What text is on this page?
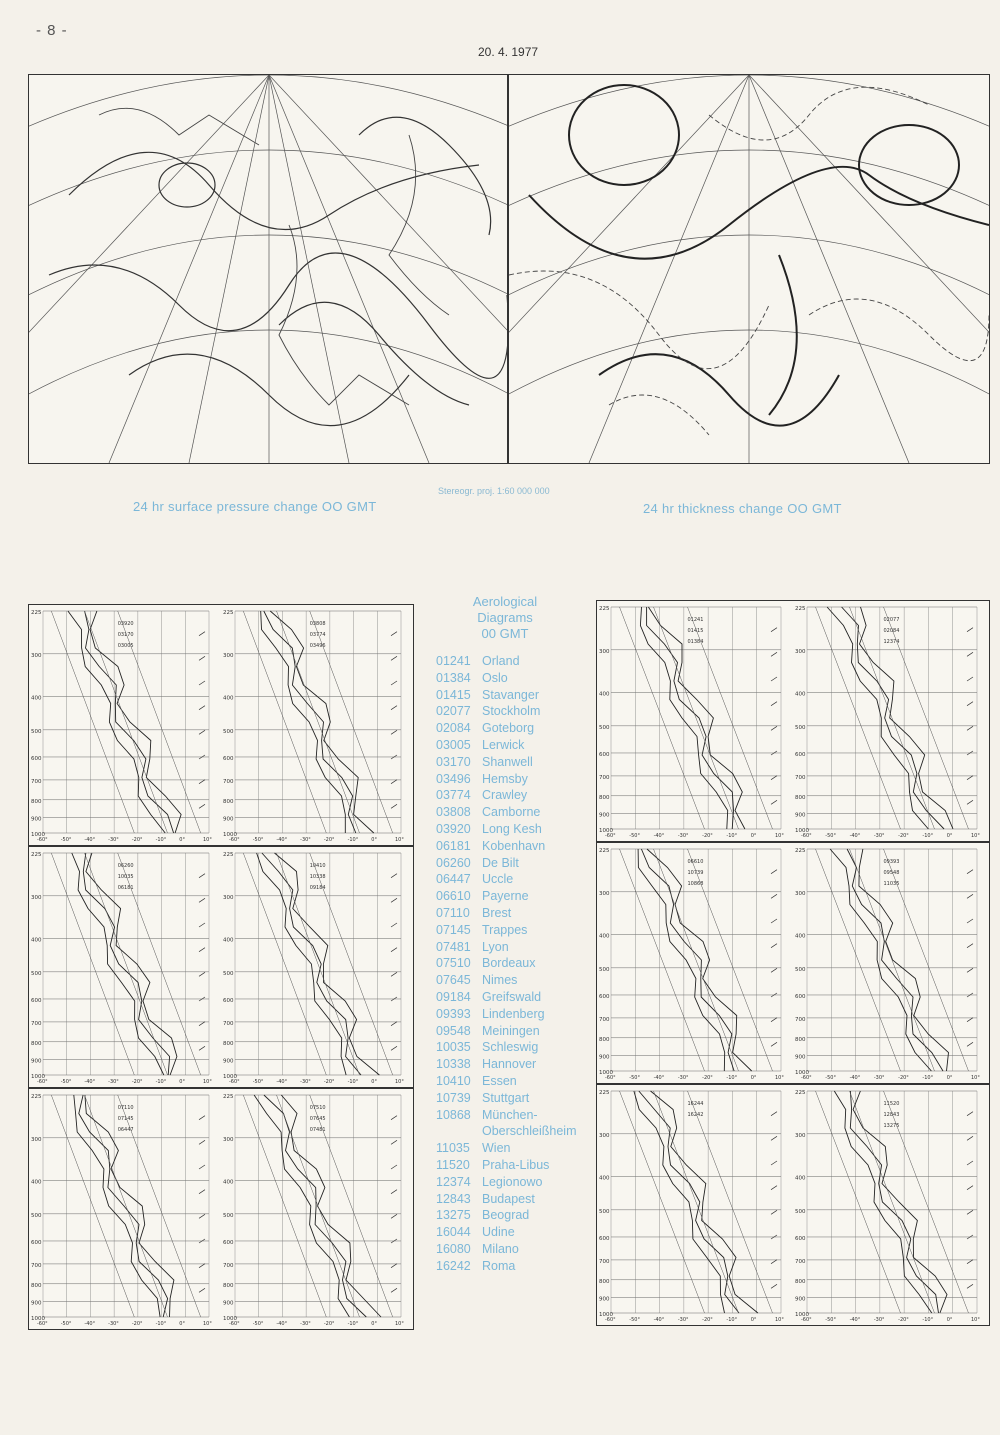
- 8 -
20. 4. 1977
24 hr surface pressure change OO GMT
Stereogr. proj. 1:60 000 000
24 hr thickness change OO GMT
225
300
400
500
600
700
800
900
1000
-60°	-50°	-40°	-30°	-20°	-10°	0°	10°
03920
03170
03005
225
300
400
500
600
700
800
900
1000
-60°	-50°	-40°	-30°	-20°	-10°	0°	10°
03808
03774
03496
225
300
400
500
600
700
800
900
1000
-60°	-50°	-40°	-30°	-20°	-10°	0°	10°
06260
10035
06181
225
300
400
500
600
700
800
900
1000
-60°	-50°	-40°	-30°	-20°	-10°	0°	10°
10410
10338
09184
225
300
400
500
600
700
800
900
1000
-60°	-50°	-40°	-30°	-20°	-10°	0°	10°
07110
07145
06447
225
300
400
500
600
700
800
900
1000
-60°	-50°	-40°	-30°	-20°	-10°	0°	10°
07510
07645
07481
225
300
400
500
600
700
800
900
1000
-60°	-50°	-40°	-30°	-20°	-10°	0°	10°
01241
01415
01384
225
300
400
500
600
700
800
900
1000
-60°	-50°	-40°	-30°	-20°	-10°	0°	10°
02077
02084
12374
225
300
400
500
600
700
800
900
1000
-60°	-50°	-40°	-30°	-20°	-10°	0°	10°
06610
10739
10868
225
300
400
500
600
700
800
900
1000
-60°	-50°	-40°	-30°	-20°	-10°	0°	10°
09393
09548
11035
225
300
400
500
600
700
800
900
1000
-60°	-50°	-40°	-30°	-20°	-10°	0°	10°
16244
16242
225
300
400
500
600
700
800
900
1000
-60°	-50°	-40°	-30°	-20°	-10°	0°	10°
11520
12843
13275
Aerological
Diagrams
00 GMT
01241 Orland
01384 Oslo
01415 Stavanger
02077 Stockholm
02084 Goteborg
03005 Lerwick
03170 Shanwell
03496 Hemsby
03774 Crawley
03808 Camborne
03920 Long Kesh
06181 Kobenhavn
06260 De Bilt
06447 Uccle
06610 Payerne
07110 Brest
07145 Trappes
07481 Lyon
07510 Bordeaux
07645 Nimes
09184 Greifswald
09393 Lindenberg
09548 Meiningen
10035 Schleswig
10338 Hannover
10410 Essen
10739 Stuttgart
10868 München-
Oberschleißheim
11035 Wien
11520 Praha-Libus
12374 Legionowo
12843 Budapest
13275 Beograd
16044 Udine
16080 Milano
16242 Roma
